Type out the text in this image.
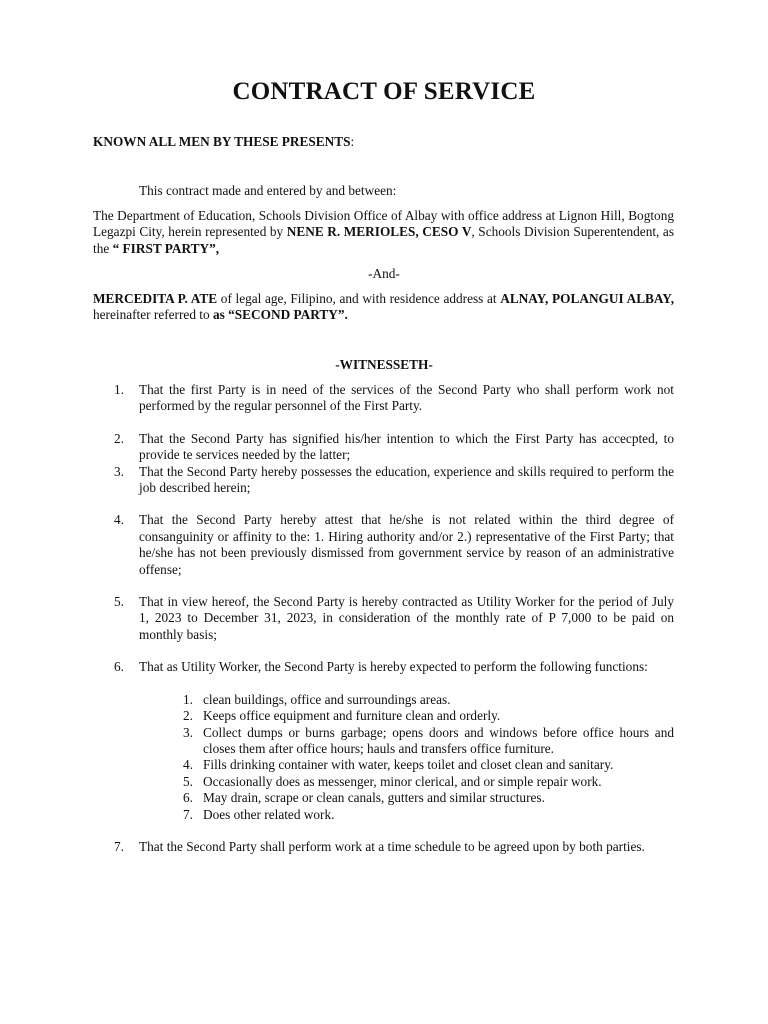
CONTRACT OF SERVICE
KNOWN ALL MEN BY THESE PRESENTS:
This contract made and entered by and between:
The Department of Education, Schools Division Office of Albay with office address at Lignon Hill, Bogtong Legazpi City, herein represented by NENE R. MERIOLES, CESO V, Schools Division Superentendent, as the “ FIRST PARTY”,
-And-
MERCEDITA P. ATE of legal age, Filipino, and with residence address at ALNAY, POLANGUI ALBAY, hereinafter referred to as “SECOND PARTY”.
-WITNESSETH-
1. That the first Party is in need of the services of the Second Party who shall perform work not performed by the regular personnel of the First Party.
2. That the Second Party has signified his/her intention to which the First Party has accecpted, to provide te services needed by the latter;
3. That the Second Party hereby possesses the education, experience and skills required to perform the job described herein;
4. That the Second Party hereby attest that he/she is not related within the third degree of consanguinity or affinity to the: 1. Hiring authority and/or 2.) representative of the First Party; that he/she has not been previously dismissed from government service by reason of an administrative offense;
5. That in view hereof, the Second Party is hereby contracted as Utility Worker for the period of July 1, 2023 to December 31, 2023, in consideration of the monthly rate of P 7,000 to be paid on monthly basis;
6. That as Utility Worker, the Second Party is hereby expected to perform the following functions:
1. clean buildings, office and surroundings areas.
2. Keeps office equipment and furniture clean and orderly.
3. Collect dumps or burns garbage; opens doors and windows before office hours and closes them after office hours; hauls and transfers office furniture.
4. Fills drinking container with water, keeps toilet and closet clean and sanitary.
5. Occasionally does as messenger, minor clerical, and or simple repair work.
6. May drain, scrape or clean canals, gutters and similar structures.
7. Does other related work.
7. That the Second Party shall perform work at a time schedule to be agreed upon by both parties.
